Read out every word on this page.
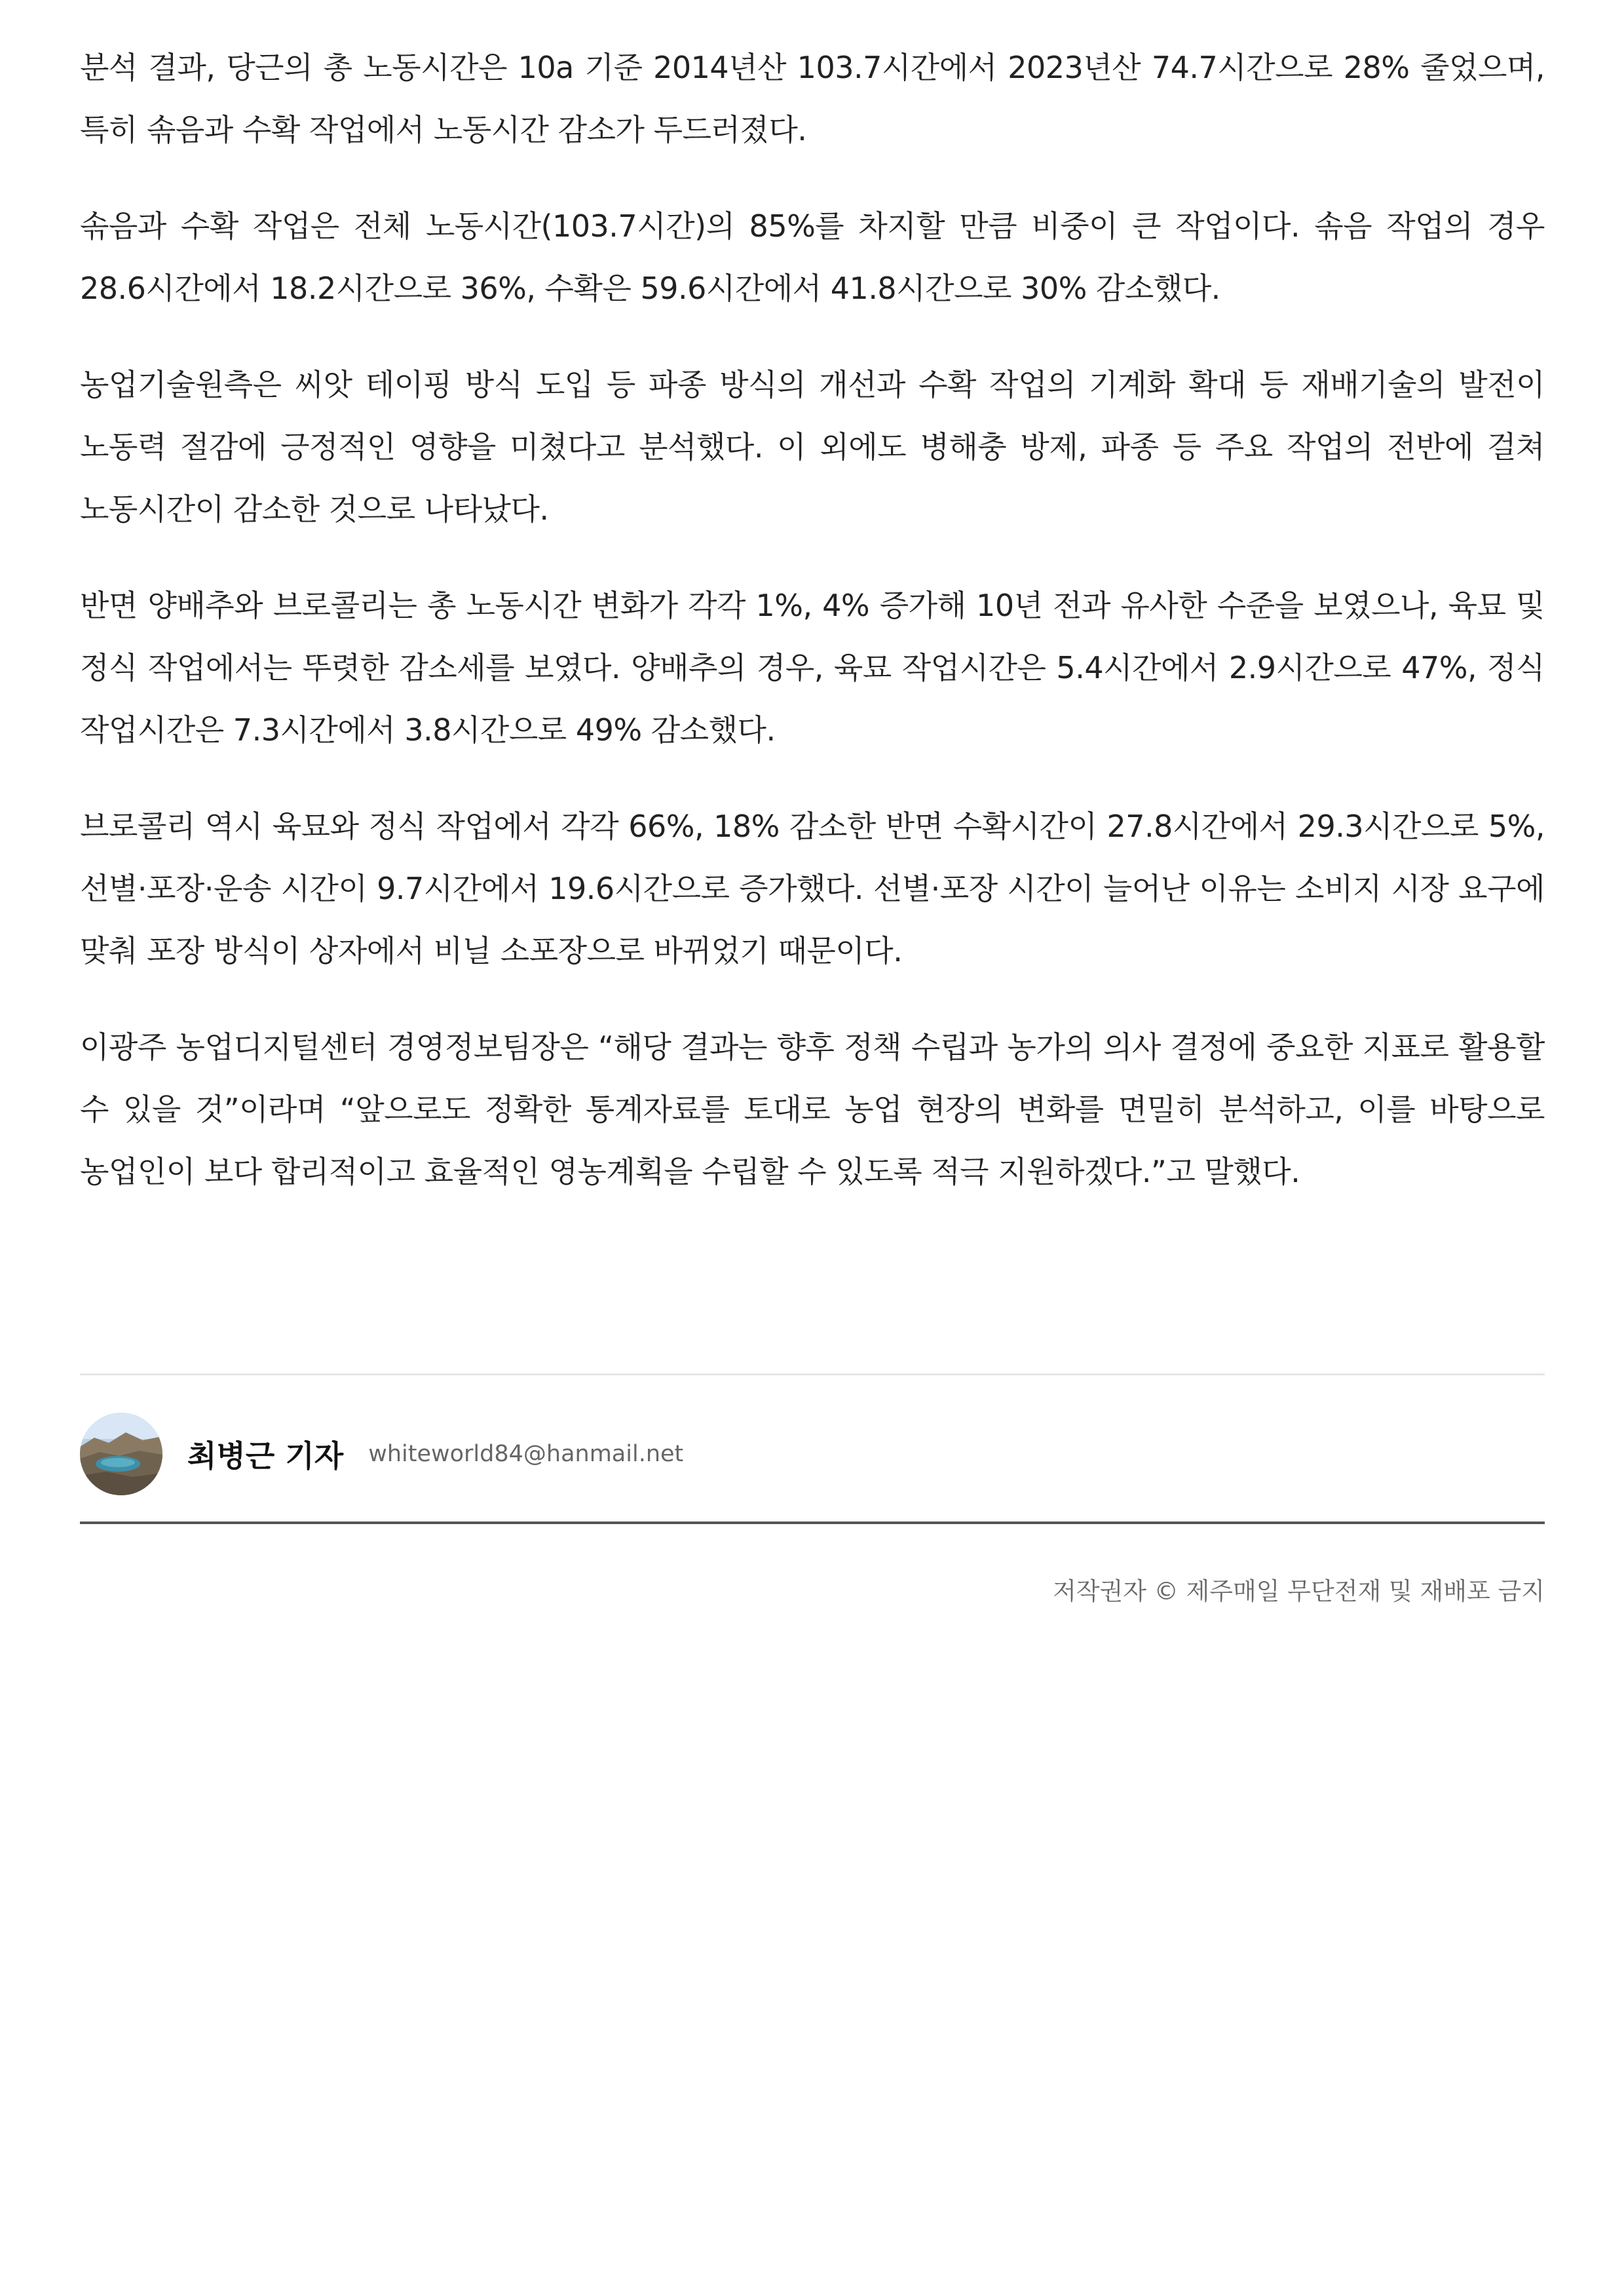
분석 결과, 당근의 총 노동시간은 10a 기준 2014년산 103.7시간에서 2023년산 74.7시간으로 28% 줄었으며, 특히 솎음과 수확 작업에서 노동시간 감소가 두드러졌다.

솎음과 수확 작업은 전체 노동시간(103.7시간)의 85%를 차지할 만큼 비중이 큰 작업이다. 솎음 작업의 경우 28.6시간에서 18.2시간으로 36%, 수확은 59.6시간에서 41.8시간으로 30% 감소했다.

농업기술원측은 씨앗 테이핑 방식 도입 등 파종 방식의 개선과 수확 작업의 기계화 확대 등 재배기술의 발전이 노동력 절감에 긍정적인 영향을 미쳤다고 분석했다. 이 외에도 병해충 방제, 파종 등 주요 작업의 전반에 걸쳐 노동시간이 감소한 것으로 나타났다.

반면 양배추와 브로콜리는 총 노동시간 변화가 각각 1%, 4% 증가해 10년 전과 유사한 수준을 보였으나, 육묘 및 정식 작업에서는 뚜렷한 감소세를 보였다. 양배추의 경우, 육묘 작업시간은 5.4시간에서 2.9시간으로 47%, 정식 작업시간은 7.3시간에서 3.8시간으로 49% 감소했다.

브로콜리 역시 육묘와 정식 작업에서 각각 66%, 18% 감소한 반면 수확시간이 27.8시간에서 29.3시간으로 5%, 선별·포장·운송 시간이 9.7시간에서 19.6시간으로 증가했다. 선별·포장 시간이 늘어난 이유는 소비지 시장 요구에 맞춰 포장 방식이 상자에서 비닐 소포장으로 바뀌었기 때문이다.

이광주 농업디지털센터 경영정보팀장은 “해당 결과는 향후 정책 수립과 농가의 의사 결정에 중요한 지표로 활용할 수 있을 것”이라며 “앞으로도 정확한 통계자료를 토대로 농업 현장의 변화를 면밀히 분석하고, 이를 바탕으로 농업인이 보다 합리적이고 효율적인 영농계획을 수립할 수 있도록 적극 지원하겠다.”고 말했다.

최병근 기자 whiteworld84@hanmail.net
저작권자 © 제주매일 무단전재 및 재배포 금지
